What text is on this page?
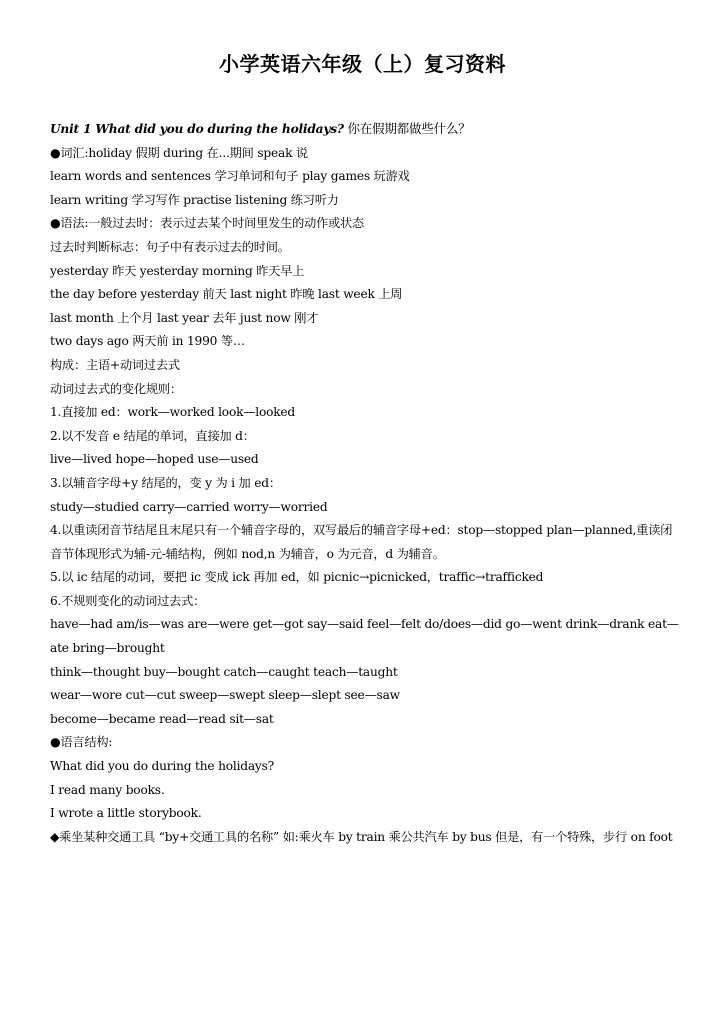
小学英语六年级（上）复习资料
Unit 1 What did you do during the holidays? 你在假期都做些什么？
●词汇:holiday 假期 during 在...期间 speak 说
learn words and sentences 学习单词和句子 play games 玩游戏
learn writing 学习写作 practise listening 练习听力
●语法:一般过去时：表示过去某个时间里发生的动作或状态
过去时判断标志：句子中有表示过去的时间。
yesterday 昨天 yesterday morning 昨天早上
the day before yesterday 前天 last night 昨晚 last week 上周
last month 上个月 last year 去年 just now 刚才
two days ago 两天前 in 1990 等…
构成：主语+动词过去式
动词过去式的变化规则：
1.直接加 ed：work—worked look—looked
2.以不发音 e 结尾的单词，直接加 d：
live—lived hope—hoped use—used
3.以辅音字母+y 结尾的，变 y 为 i 加 ed：
study—studied carry—carried worry—worried
4.以重读闭音节结尾且末尾只有一个辅音字母的，双写最后的辅音字母+ed：stop—stopped plan—planned,重读闭音节体现形式为辅-元-辅结构，例如 nod,n 为辅音，o 为元音，d 为辅音。
5.以 ic 结尾的动词，要把 ic 变成 ick 再加 ed，如 picnic→picnicked，traffic→trafficked
6.不规则变化的动词过去式：
have—had am/is—was are—were get—got say—said feel—felt do/does—did go—went drink—drank eat—ate bring—brought
think—thought buy—bought catch—caught teach—taught
wear—wore cut—cut sweep—swept sleep—slept see—saw
become—became read—read sit—sat
●语言结构:
What did you do during the holidays?
I read many books.
I wrote a little storybook.
◆乘坐某种交通工具 “by+交通工具的名称” 如:乘火车 by train 乘公共汽车 by bus 但是，有一个特殊，步行 on foot
